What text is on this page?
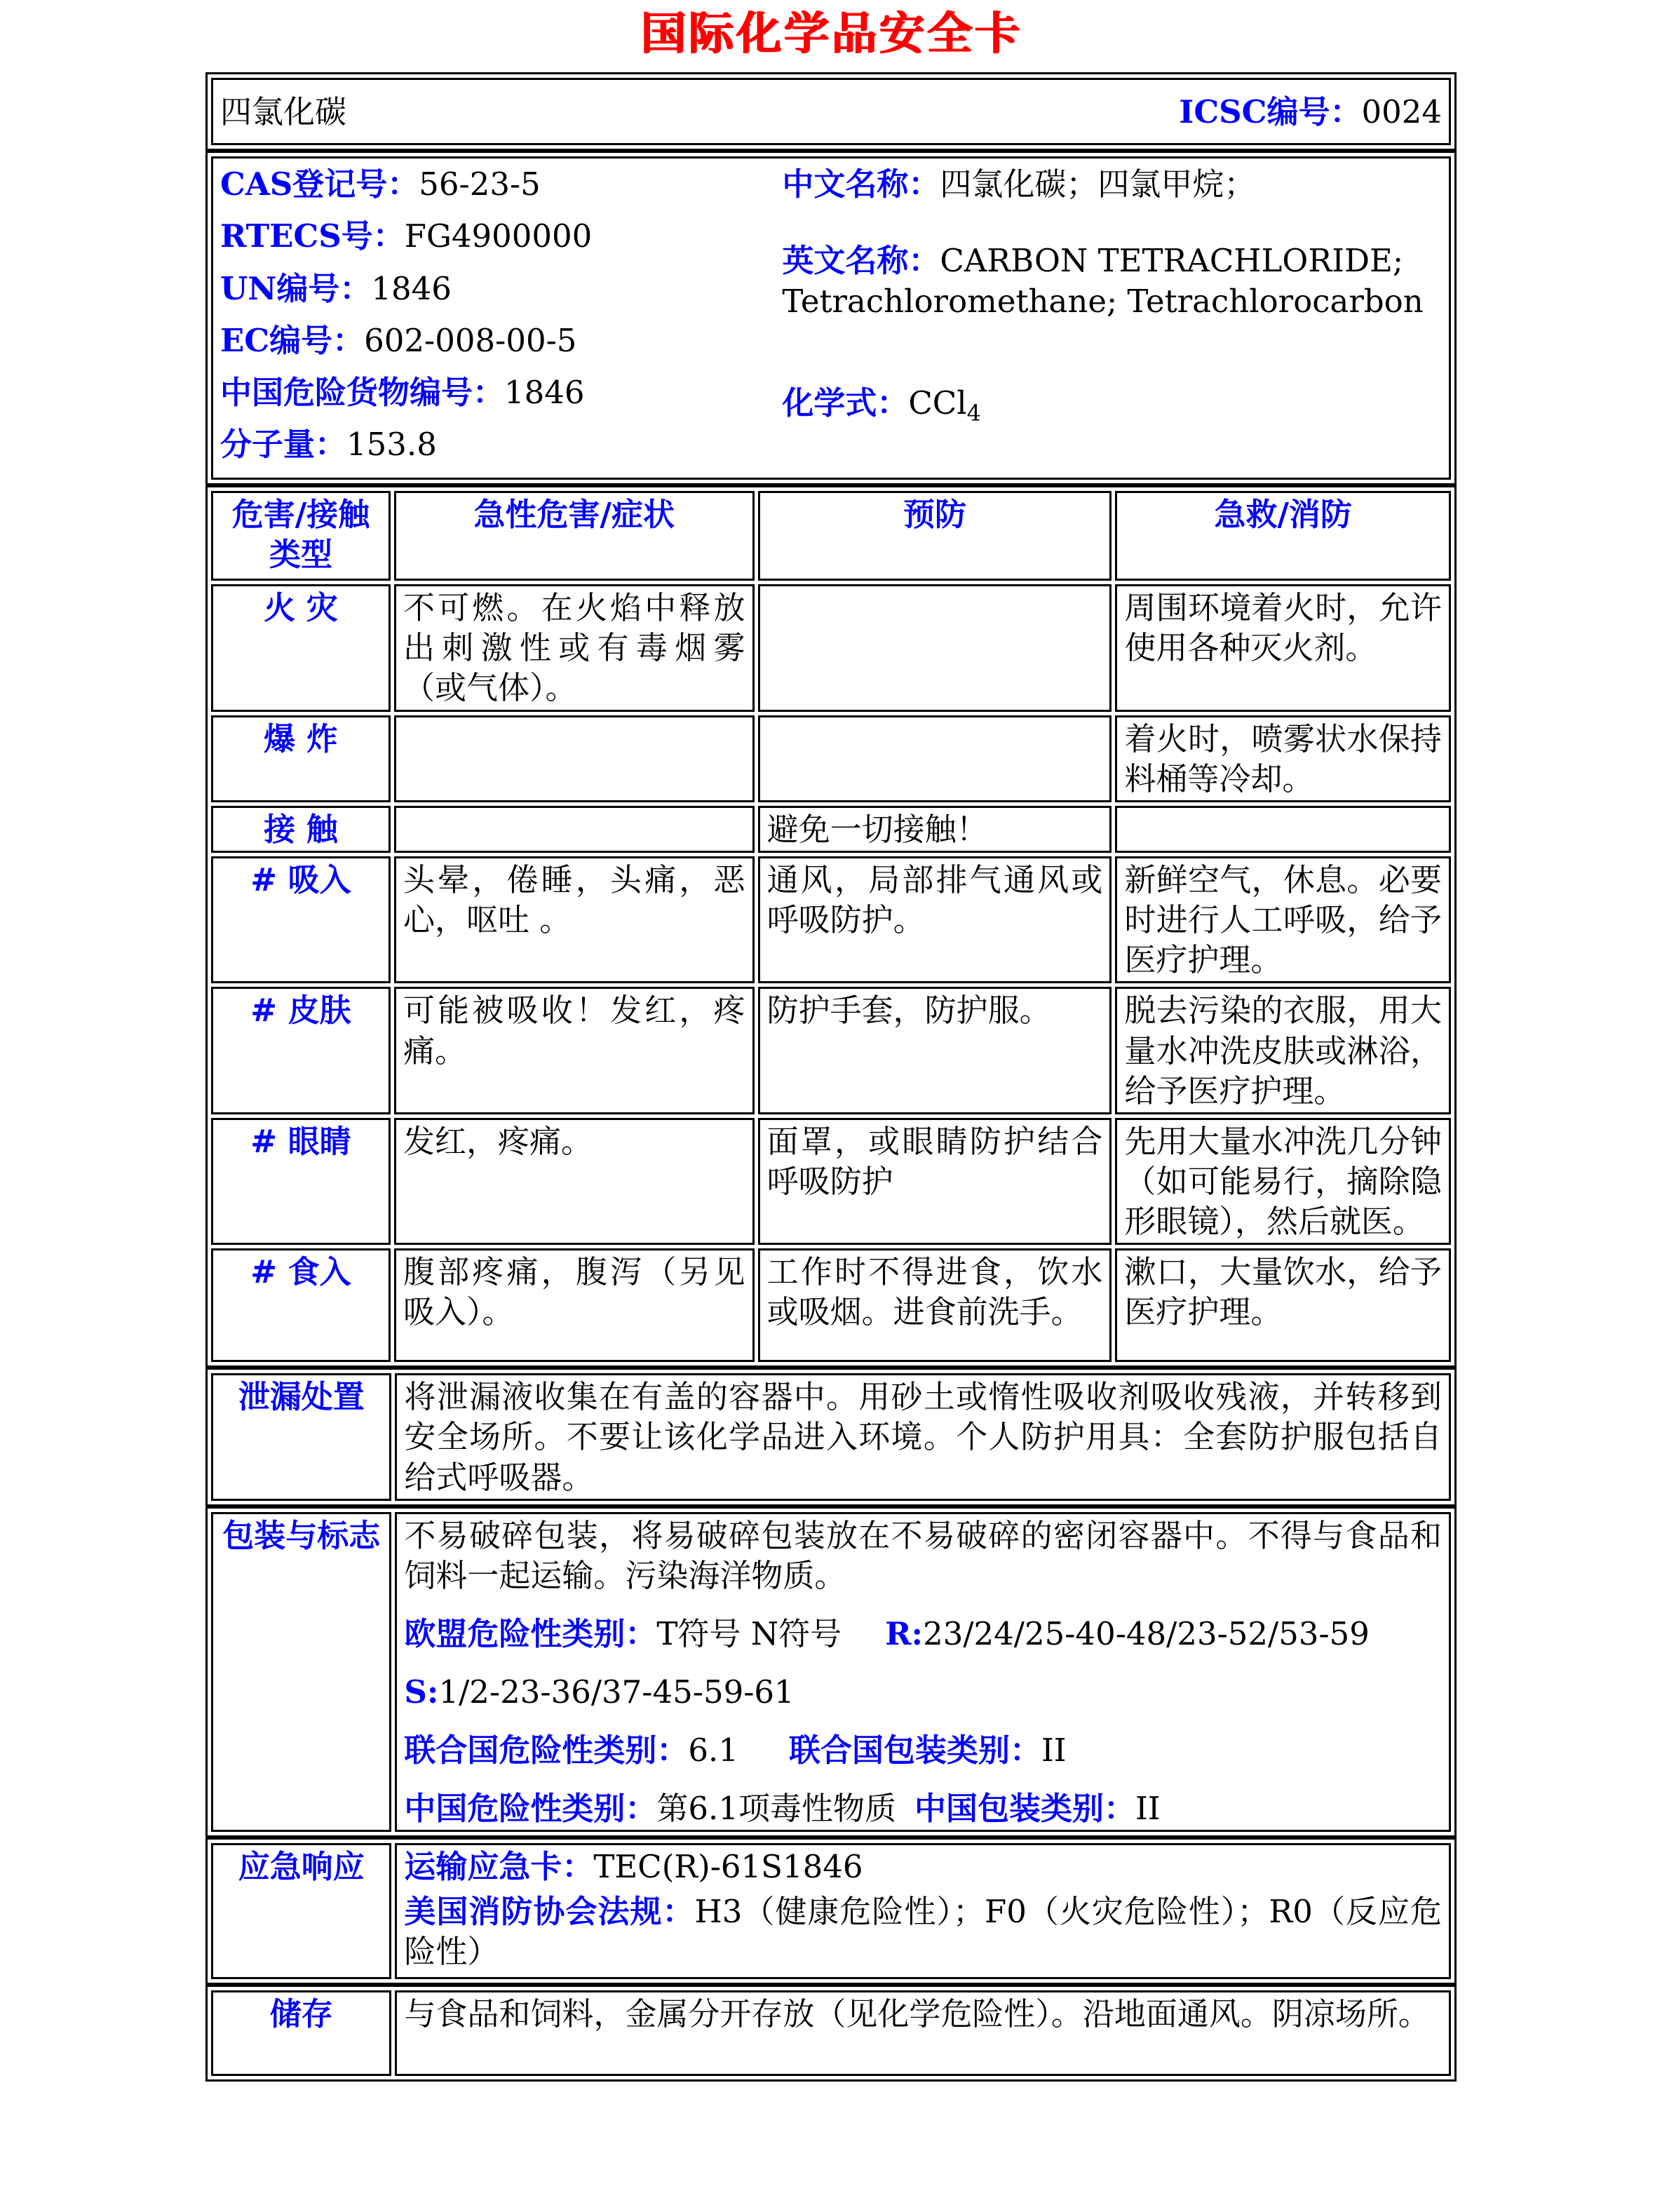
国际化学品安全卡
四氯化碳	ICSC编号：0024
CAS登记号：56-23-5
RTECS号：FG4900000
UN编号：1846
EC编号：602-008-00-5
中国危险货物编号：1846
分子量：153.8
中文名称：四氯化碳；四氯甲烷；
英文名称：CARBON TETRACHLORIDE;
Tetrachloromethane; Tetrachlorocarbon
化学式：CCl$_4$
危害/接触类型	急性危害/症状	预防	急救/消防
火 灾	不可燃。在火焰中释放出刺激性或有毒烟雾（或气体）。		周围环境着火时，允许使用各种灭火剂。
爆 炸			着火时，喷雾状水保持料桶等冷却。
接 触		避免一切接触！	
# 吸入	头晕，倦睡，头痛，恶心，呕吐 。	通风，局部排气通风或呼吸防护。	新鲜空气，休息。必要时进行人工呼吸，给予医疗护理。
# 皮肤	可能被吸收！发红，疼痛。	防护手套，防护服。	脱去污染的衣服，用大量水冲洗皮肤或淋浴，给予医疗护理。
# 眼睛	发红，疼痛。	面罩，或眼睛防护结合呼吸防护	先用大量水冲洗几分钟（如可能易行，摘除隐形眼镜），然后就医。
# 食入	腹部疼痛，腹泻（另见吸入）。	工作时不得进食，饮水或吸烟。进食前洗手。	漱口，大量饮水，给予医疗护理。
泄漏处置	将泄漏液收集在有盖的容器中。用砂土或惰性吸收剂吸收残液，并转移到安全场所。不要让该化学品进入环境。个人防护用具：全套防护服包括自给式呼吸器。
包装与标志	不易破碎包装，将易破碎包装放在不易破碎的密闭容器中。不得与食品和饲料一起运输。污染海洋物质。

欧盟危险性类别：T符号 N符号 R:23/24/25-40-48/23-52/53-59

S:1/2-23-36/37-45-59-61

联合国危险性类别：6.1 联合国包装类别：II

中国危险性类别：第6.1项毒性物质 中国包装类别：II

应急响应	运输应急卡：TEC(R)-61S1846

美国消防协会法规：H3（健康危险性）；F0（火灾危险性）；R0（反应危险性）

储存	与食品和饲料，金属分开存放（见化学危险性）。沿地面通风。阴凉场所。
